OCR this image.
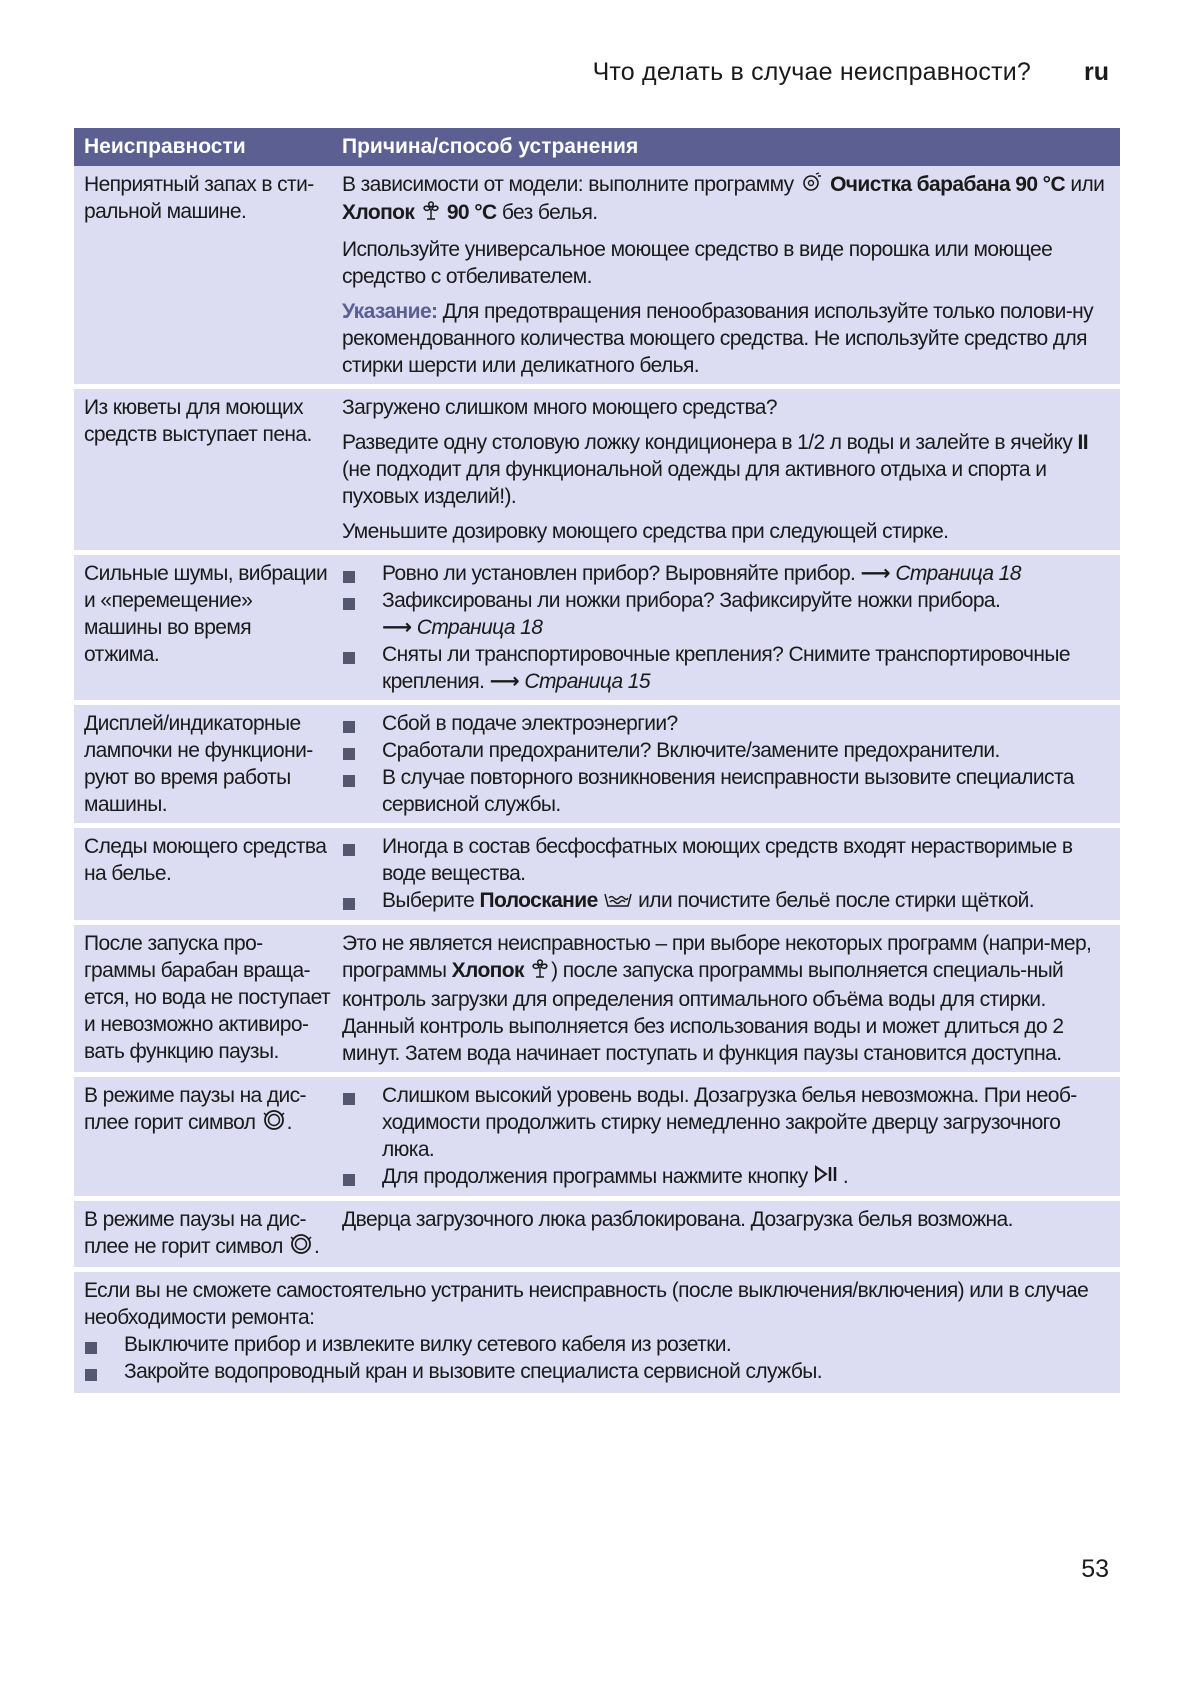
Что делать в случае неисправности? ru
Неисправности	Причина/способ устранения
Неприятный запах в сти-ральной машине.
В зависимости от модели: выполните программу Очистка барабана 90 °C или Хлопок 90 °C без белья.
Используйте универсальное моющее средство в виде порошка или моющее средство с отбеливателем.
Указание: Для предотвращения пенообразования используйте только полови-ну рекомендованного количества моющего средства. Не используйте средство для стирки шерсти или деликатного белья.
Из кюветы для моющих средств выступает пена.
Загружено слишком много моющего средства?
Разведите одну столовую ложку кондиционера в 1/2 л воды и залейте в ячейку II (не подходит для функциональной одежды для активного отдыха и спорта и пуховых изделий!).
Уменьшите дозировку моющего средства при следующей стирке.
Сильные шумы, вибрации и «перемещение» машины во время отжима.
Ровно ли установлен прибор? Выровняйте прибор. ⟶ Страница 18
Зафиксированы ли ножки прибора? Зафиксируйте ножки прибора.
⟶ Страница 18
Сняты ли транспортировочные крепления? Снимите транспортировочные крепления. ⟶ Страница 15
Дисплей/индикаторные лампочки не функциони-руют во время работы машины.
Сбой в подаче электроэнергии?
Сработали предохранители? Включите/замените предохранители.
В случае повторного возникновения неисправности вызовите специалиста сервисной службы.
Следы моющего средства на белье.
Иногда в состав бесфосфатных моющих средств входят нерастворимые в воде вещества.
Выберите Полоскание или почистите бельё после стирки щёткой.
После запуска про-граммы барабан враща-ется, но вода не поступает и невозможно активиро-вать функцию паузы.
Это не является неисправностью – при выборе некоторых программ (напри-мер, программы Хлопок ) после запуска программы выполняется специаль-ный контроль загрузки для определения оптимального объёма воды для стирки. Данный контроль выполняется без использования воды и может длиться до 2 минут. Затем вода начинает поступать и функция паузы становится доступна.
В режиме паузы на дис-плее горит символ .
Слишком высокий уровень воды. Дозагрузка белья невозможна. При необ-ходимости продолжить стирку немедленно закройте дверцу загрузочного люка.
Для продолжения программы нажмите кнопку .
В режиме паузы на дис-плее не горит символ .
Дверца загрузочного люка разблокирована. Дозагрузка белья возможна.
Если вы не сможете самостоятельно устранить неисправность (после выключения/включения) или в случае необходимости ремонта:
Выключите прибор и извлеките вилку сетевого кабеля из розетки.
Закройте водопроводный кран и вызовите специалиста сервисной службы.
53
